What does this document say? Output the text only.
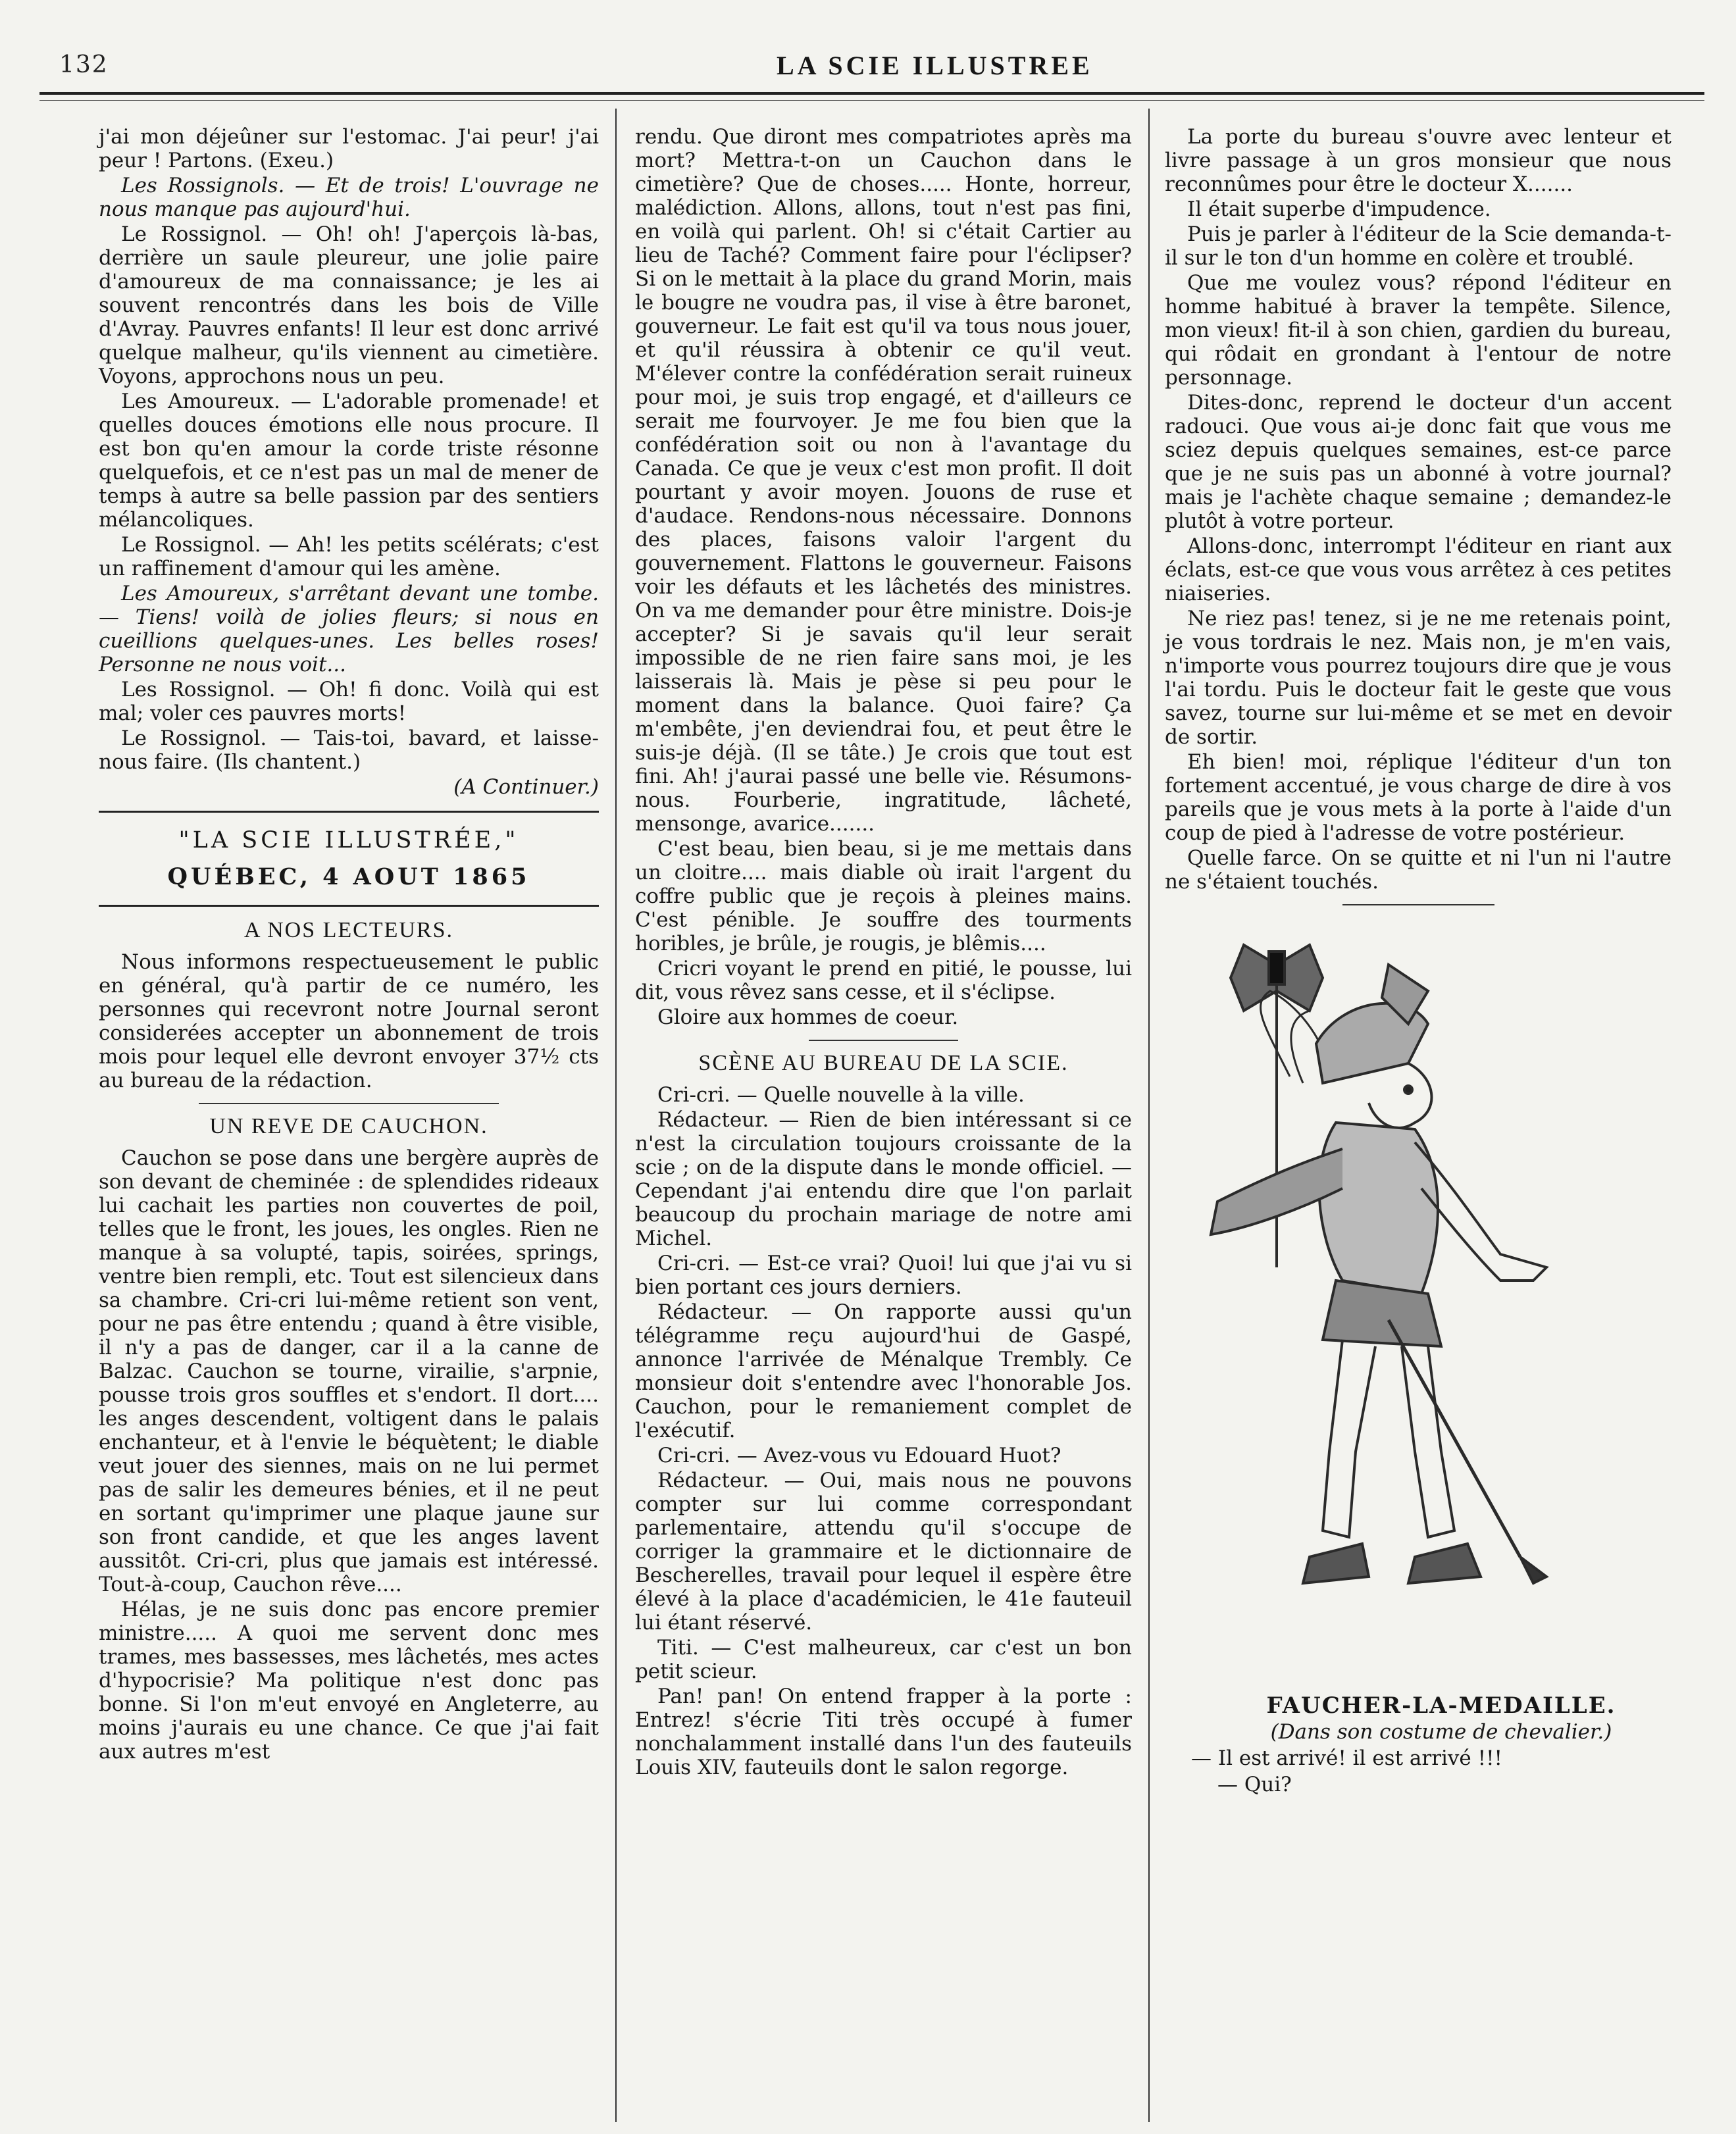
132	LA SCIE ILLUSTREE

j'ai mon déjeûner sur l'estomac. J'ai peur! j'ai peur ! Partons. (Exeu.)

Les Rossignols. — Et de trois! L'ouvrage ne nous manque pas aujourd'hui.

Le Rossignol. — Oh! oh! J'aperçois là-bas, derrière un saule pleureur, une jolie paire d'amoureux de ma connaissance; je les ai souvent rencontrés dans les bois de Ville d'Avray. Pauvres enfants! Il leur est donc arrivé quelque malheur, qu'ils viennent au cimetière. Voyons, approchons nous un peu.

Les Amoureux. — L'adorable promenade! et quelles douces émotions elle nous procure. Il est bon qu'en amour la corde triste résonne quelquefois, et ce n'est pas un mal de mener de temps à autre sa belle passion par des sentiers mélancoliques.

Le Rossignol. — Ah! les petits scélérats; c'est un raffinement d'amour qui les amène.

Les Amoureux, s'arrêtant devant une tombe. — Tiens! voilà de jolies fleurs; si nous en cueillions quelques-unes. Les belles roses! Personne ne nous voit...

Les Rossignol. — Oh! fi donc. Voilà qui est mal; voler ces pauvres morts!

Le Rossignol. — Tais-toi, bavard, et laisse-nous faire. (Ils chantent.)

(A Continuer.)

"LA SCIE ILLUSTRÉE,"
QUÉBEC, 4 AOUT 1865
A NOS LECTEURS.

Nous informons respectueusement le public en général, qu'à partir de ce numéro, les personnes qui recevront notre Journal seront considerées accepter un abonnement de trois mois pour lequel elle devront envoyer 37½ cts au bureau de la rédaction.

UN REVE DE CAUCHON.

Cauchon se pose dans une bergère auprès de son devant de cheminée : de splendides rideaux lui cachait les parties non couvertes de poil, telles que le front, les joues, les ongles. Rien ne manque à sa volupté, tapis, soirées, springs, ventre bien rempli, etc. Tout est silencieux dans sa chambre. Cri-cri lui-même retient son vent, pour ne pas être entendu ; quand à être visible, il n'y a pas de danger, car il a la canne de Balzac. Cauchon se tourne, virailie, s'arpnie, pousse trois gros souffles et s'endort. Il dort.... les anges descendent, voltigent dans le palais enchanteur, et à l'envie le béquètent; le diable veut jouer des siennes, mais on ne lui permet pas de salir les demeures bénies, et il ne peut en sortant qu'imprimer une plaque jaune sur son front candide, et que les anges lavent aussitôt. Cri-cri, plus que jamais est intéressé. Tout-à-coup, Cauchon rêve....

Hélas, je ne suis donc pas encore premier ministre..... A quoi me servent donc mes trames, mes bassesses, mes lâchetés, mes actes d'hypocrisie? Ma politique n'est donc pas bonne. Si l'on m'eut envoyé en Angleterre, au moins j'aurais eu une chance. Ce que j'ai fait aux autres m'est

rendu. Que diront mes compatriotes après ma mort? Mettra-t-on un Cauchon dans le cimetière? Que de choses..... Honte, horreur, malédiction. Allons, allons, tout n'est pas fini, en voilà qui parlent. Oh! si c'était Cartier au lieu de Taché? Comment faire pour l'éclipser? Si on le mettait à la place du grand Morin, mais le bougre ne voudra pas, il vise à être baronet, gouverneur. Le fait est qu'il va tous nous jouer, et qu'il réussira à obtenir ce qu'il veut. M'élever contre la confédération serait ruineux pour moi, je suis trop engagé, et d'ailleurs ce serait me fourvoyer. Je me fou bien que la confédération soit ou non à l'avantage du Canada. Ce que je veux c'est mon profit. Il doit pourtant y avoir moyen. Jouons de ruse et d'audace. Rendons-nous nécessaire. Donnons des places, faisons valoir l'argent du gouvernement. Flattons le gouverneur. Faisons voir les défauts et les lâchetés des ministres. On va me demander pour être ministre. Dois-je accepter? Si je savais qu'il leur serait impossible de ne rien faire sans moi, je les laisserais là. Mais je pèse si peu pour le moment dans la balance. Quoi faire? Ça m'embête, j'en deviendrai fou, et peut être le suis-je déjà. (Il se tâte.) Je crois que tout est fini. Ah! j'aurai passé une belle vie. Résumons-nous. Fourberie, ingratitude, lâcheté, mensonge, avarice.......

C'est beau, bien beau, si je me mettais dans un cloitre.... mais diable où irait l'argent du coffre public que je reçois à pleines mains. C'est pénible. Je souffre des tourments horibles, je brûle, je rougis, je blêmis....

Cricri voyant le prend en pitié, le pousse, lui dit, vous rêvez sans cesse, et il s'éclipse.

Gloire aux hommes de coeur.

SCÈNE AU BUREAU DE LA SCIE.

Cri-cri. — Quelle nouvelle à la ville.

Rédacteur. — Rien de bien intéressant si ce n'est la circulation toujours croissante de la scie ; on de la dispute dans le monde officiel. — Cependant j'ai entendu dire que l'on parlait beaucoup du prochain mariage de notre ami Michel.

Cri-cri. — Est-ce vrai? Quoi! lui que j'ai vu si bien portant ces jours derniers.

Rédacteur. — On rapporte aussi qu'un télégramme reçu aujourd'hui de Gaspé, annonce l'arrivée de Ménalque Trembly. Ce monsieur doit s'entendre avec l'honorable Jos. Cauchon, pour le remaniement complet de l'exécutif.

Cri-cri. — Avez-vous vu Edouard Huot?

Rédacteur. — Oui, mais nous ne pouvons compter sur lui comme correspondant parlementaire, attendu qu'il s'occupe de corriger la grammaire et le dictionnaire de Bescherelles, travail pour lequel il espère être élevé à la place d'académicien, le 41e fauteuil lui étant réservé.

Titi. — C'est malheureux, car c'est un bon petit scieur.

Pan! pan! On entend frapper à la porte : Entrez! s'écrie Titi très occupé à fumer nonchalamment installé dans l'un des fauteuils Louis XIV, fauteuils dont le salon regorge.

La porte du bureau s'ouvre avec lenteur et livre passage à un gros monsieur que nous reconnûmes pour être le docteur X.......

Il était superbe d'impudence.

Puis je parler à l'éditeur de la Scie demanda-t-il sur le ton d'un homme en colère et troublé.

Que me voulez vous? répond l'éditeur en homme habitué à braver la tempête. Silence, mon vieux! fit-il à son chien, gardien du bureau, qui rôdait en grondant à l'entour de notre personnage.

Dites-donc, reprend le docteur d'un accent radouci. Que vous ai-je donc fait que vous me sciez depuis quelques semaines, est-ce parce que je ne suis pas un abonné à votre journal? mais je l'achète chaque semaine ; demandez-le plutôt à votre porteur.

Allons-donc, interrompt l'éditeur en riant aux éclats, est-ce que vous vous arrêtez à ces petites niaiseries.

Ne riez pas! tenez, si je ne me retenais point, je vous tordrais le nez. Mais non, je m'en vais, n'importe vous pourrez toujours dire que je vous l'ai tordu. Puis le docteur fait le geste que vous savez, tourne sur lui-même et se met en devoir de sortir.

Eh bien! moi, réplique l'éditeur d'un ton fortement accentué, je vous charge de dire à vos pareils que je vous mets à la porte à l'aide d'un coup de pied à l'adresse de votre postérieur.

Quelle farce. On se quitte et ni l'un ni l'autre ne s'étaient touchés.

FAUCHER-LA-MEDAILLE.
(Dans son costume de chevalier.)
— Il est arrivé! il est arrivé !!!
— Qui?
